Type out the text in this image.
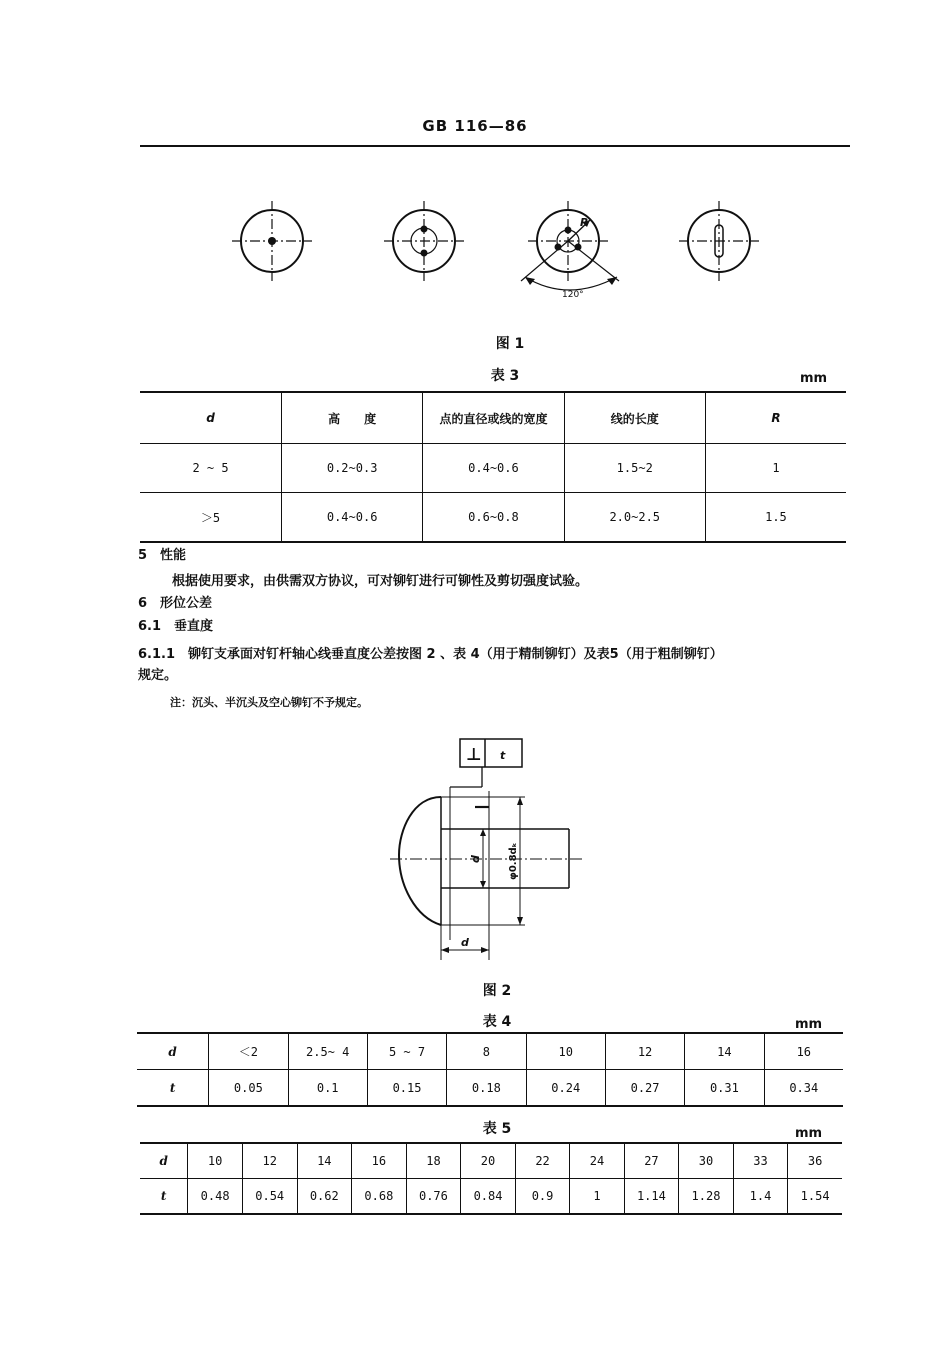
GB 116—86
120°
R
图 1
表 3	mm
d	高　　度	点的直径或线的宽度	线的长度	R
2 ~ 5	0.2~0.3	0.4~0.6	1.5~2	1
＞5	0.4~0.6	0.6~0.8	2.0~2.5	1.5
5　性能
根据使用要求，由供需双方协议，可对铆钉进行可铆性及剪切强度试验。
6　形位公差
6.1　垂直度
6.1.1　铆钉支承面对钉杆轴心线垂直度公差按图 2 、表 4（用于精制铆钉）及表5（用于粗制铆钉）
规定。
注：沉头、半沉头及空心铆钉不予规定。
⊥ t
φ0.8dₖ
d
d
图 2
表 4	mm
d	＜2	2.5~ 4	5 ~ 7	8	10	12	14	16
t	0.05	0.1	0.15	0.18	0.24	0.27	0.31	0.34
表 5	mm
d	10	12	14	16	18	20	22	24	27	30	33	36
t	0.48	0.54	0.62	0.68	0.76	0.84	0.9	1	1.14	1.28	1.4	1.54
